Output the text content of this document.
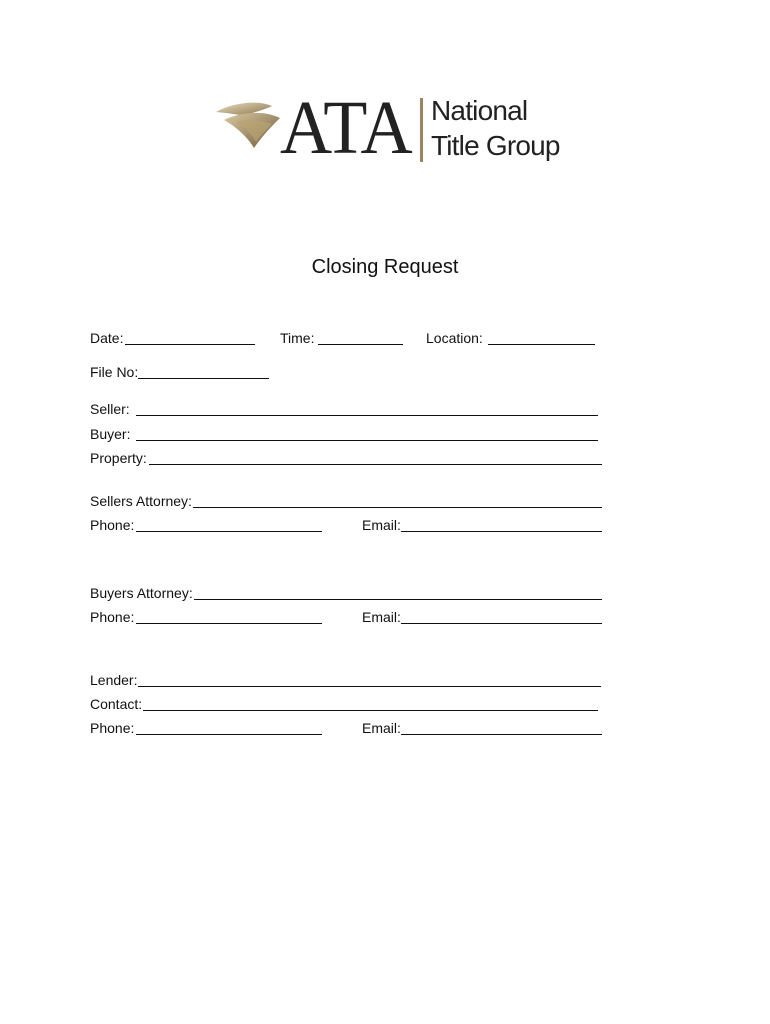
ATA National
Title Group
Closing Request
Date:	Time:	Location:
File No:
Seller:
Buyer:
Property:
Sellers Attorney:
Phone:	Email:
Buyers Attorney:
Phone:	Email:
Lender:
Contact:
Phone:	Email:
